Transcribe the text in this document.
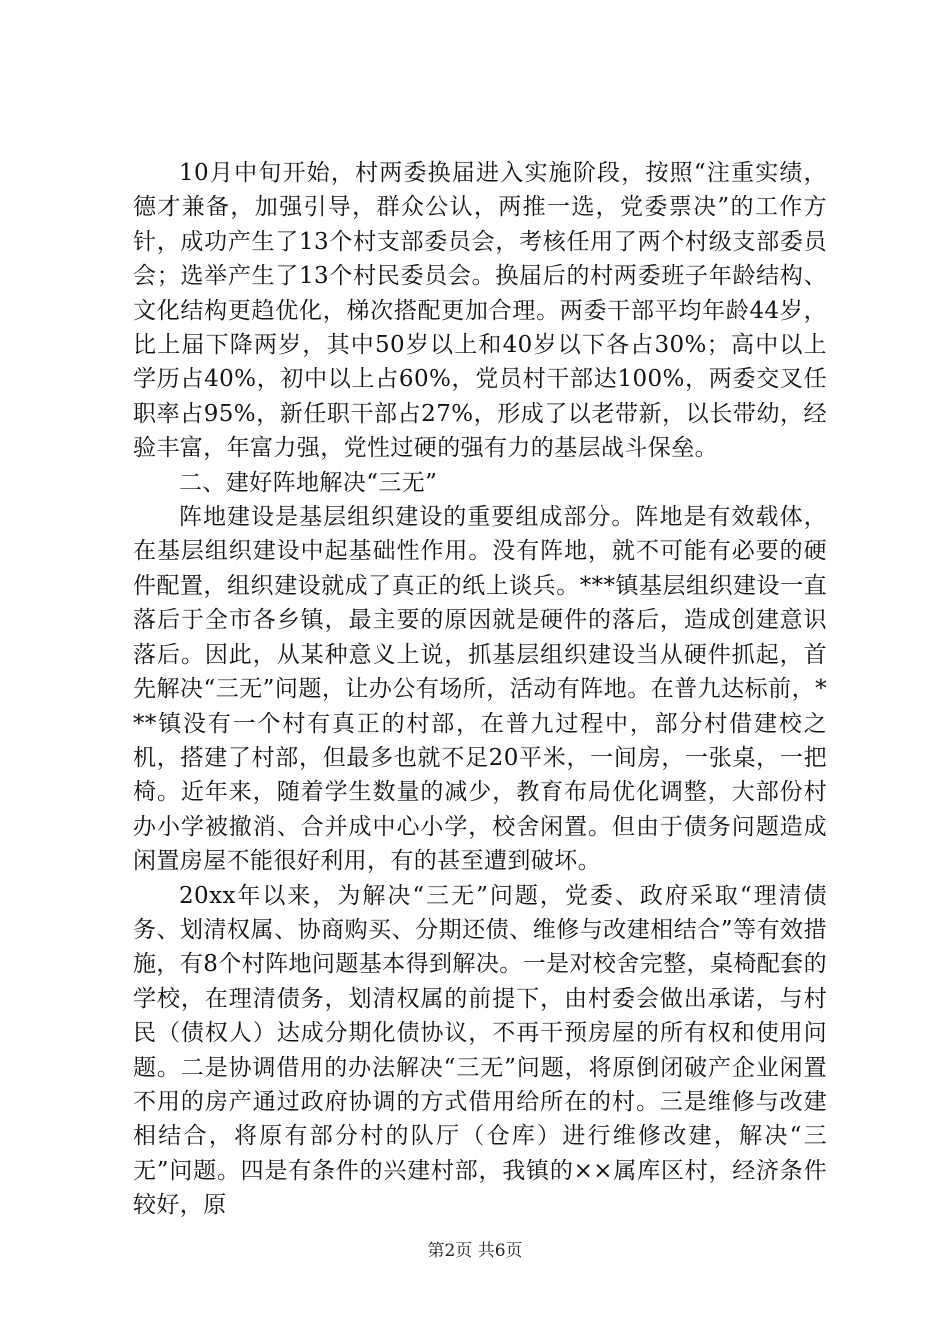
10月中旬开始，村两委换届进入实施阶段，按照“注重实绩，德才兼备，加强引导，群众公认，两推一选，党委票决”的工作方针，成功产生了13个村支部委员会，考核任用了两个村级支部委员会；选举产生了13个村民委员会。换届后的村两委班子年龄结构、文化结构更趋优化，梯次搭配更加合理。两委干部平均年龄44岁，比上届下降两岁，其中50岁以上和40岁以下各占30%；高中以上学历占40%，初中以上占60%，党员村干部达100%，两委交叉任职率占95%，新任职干部占27%，形成了以老带新，以长带幼，经验丰富，年富力强，党性过硬的强有力的基层战斗保垒。

二、建好阵地解决“三无”

阵地建设是基层组织建设的重要组成部分。阵地是有效载体，在基层组织建设中起基础性作用。没有阵地，就不可能有必要的硬件配置，组织建设就成了真正的纸上谈兵。***镇基层组织建设一直落后于全市各乡镇，最主要的原因就是硬件的落后，造成创建意识落后。因此，从某种意义上说，抓基层组织建设当从硬件抓起，首先解决“三无”问题，让办公有场所，活动有阵地。在普九达标前，***镇没有一个村有真正的村部，在普九过程中，部分村借建校之机，搭建了村部，但最多也就不足20平米，一间房，一张桌，一把椅。近年来，随着学生数量的减少，教育布局优化调整，大部份村办小学被撤消、合并成中心小学，校舍闲置。但由于债务问题造成闲置房屋不能很好利用，有的甚至遭到破坏。

20xx年以来，为解决“三无”问题，党委、政府采取“理清债务、划清权属、协商购买、分期还债、维修与改建相结合”等有效措施，有8个村阵地问题基本得到解决。一是对校舍完整，桌椅配套的学校，在理清债务，划清权属的前提下，由村委会做出承诺，与村民（债权人）达成分期化债协议，不再干预房屋的所有权和使用问题。二是协调借用的办法解决“三无”问题，将原倒闭破产企业闲置不用的房产通过政府协调的方式借用给所在的村。三是维修与改建相结合，将原有部分村的队厅（仓库）进行维修改建，解决“三无”问题。四是有条件的兴建村部，我镇的××属库区村，经济条件较好，原

第2页 共6页
